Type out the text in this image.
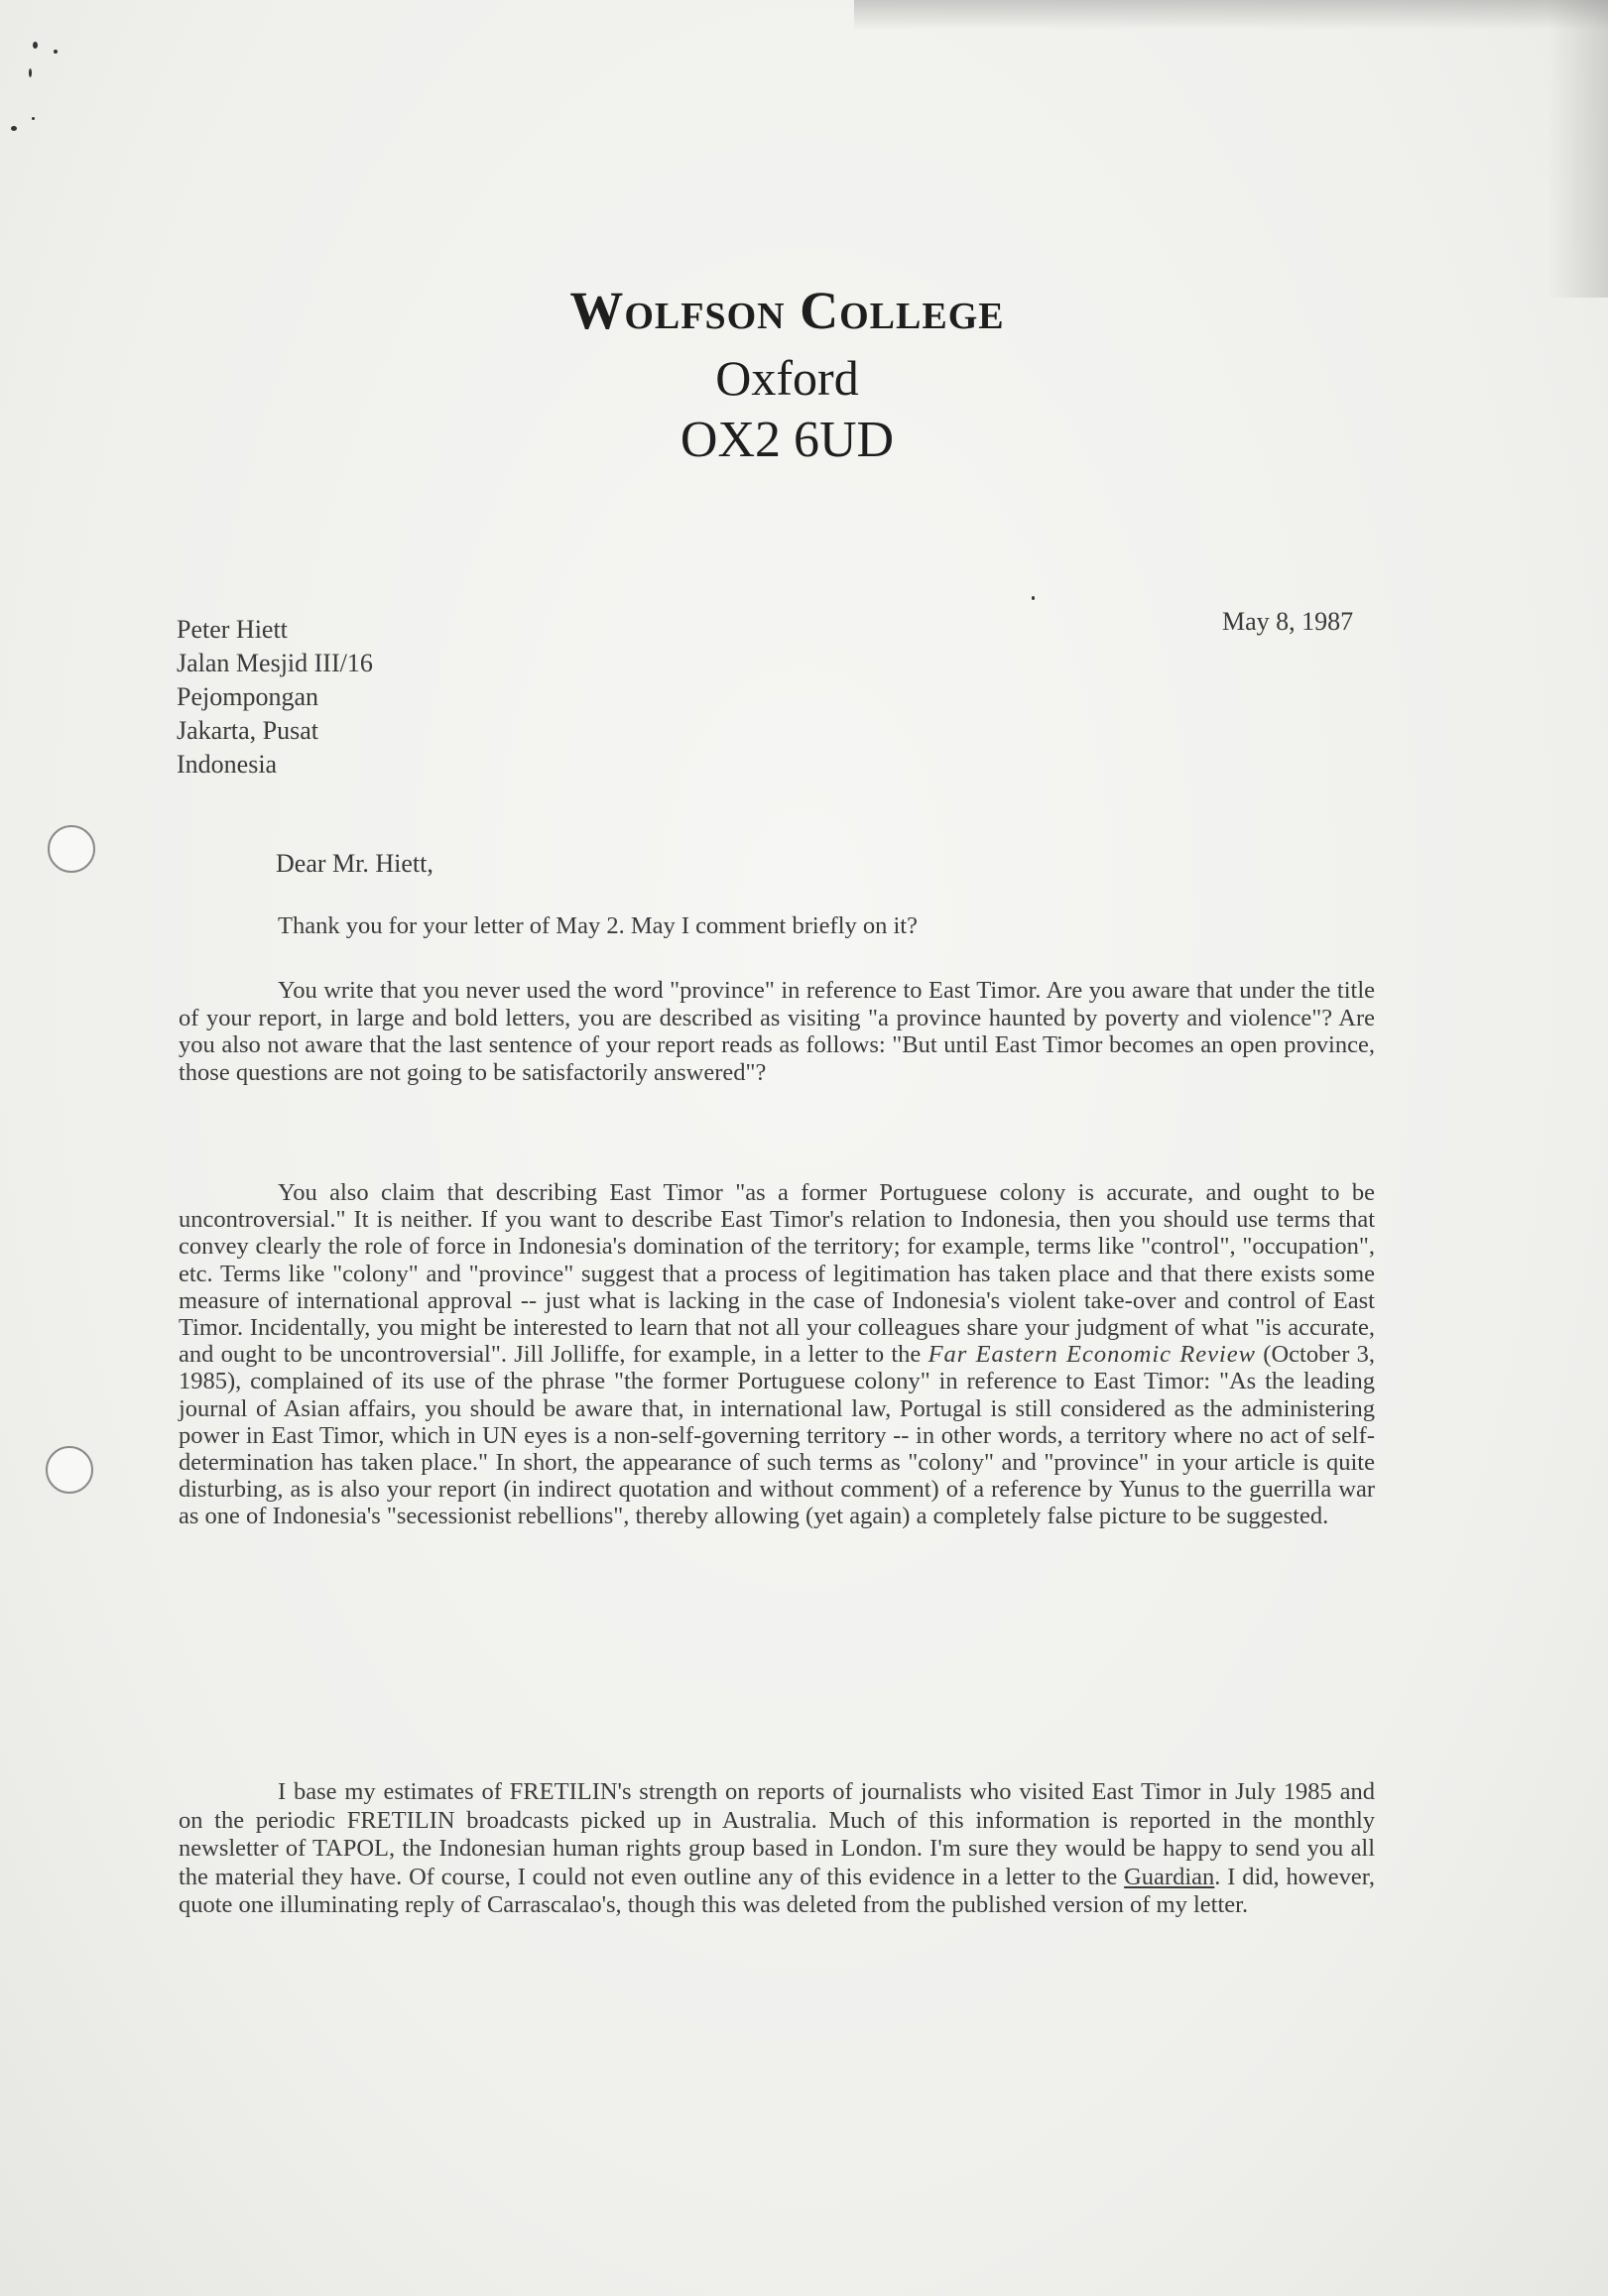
Wolfson College
Oxford
OX2 6UD
Peter Hiett
Jalan Mesjid III/16
Pejompongan
Jakarta, Pusat
Indonesia
May 8, 1987
Dear Mr. Hiett,
Thank you for your letter of May 2. May I comment briefly on it?
You write that you never used the word "province" in reference to East Timor. Are you aware that under the title of your report, in large and bold letters, you are described as visiting "a province haunted by poverty and violence"? Are you also not aware that the last sentence of your report reads as follows: "But until East Timor becomes an open province, those questions are not going to be satisfactorily answered"?
You also claim that describing East Timor "as a former Portuguese colony is accurate, and ought to be uncontroversial." It is neither. If you want to describe East Timor's relation to Indonesia, then you should use terms that convey clearly the role of force in Indonesia's domination of the territory; for example, terms like "control", "occupation", etc. Terms like "colony" and "province" suggest that a process of legitimation has taken place and that there exists some measure of international approval -- just what is lacking in the case of Indonesia's violent take-over and control of East Timor. Incidentally, you might be interested to learn that not all your colleagues share your judgment of what "is accurate, and ought to be uncontroversial". Jill Jolliffe, for example, in a letter to the Far Eastern Economic Review (October 3, 1985), complained of its use of the phrase "the former Portuguese colony" in reference to East Timor: "As the leading journal of Asian affairs, you should be aware that, in international law, Portugal is still considered as the administering power in East Timor, which in UN eyes is a non-self-governing territory -- in other words, a territory where no act of self-determination has taken place." In short, the appearance of such terms as "colony" and "province" in your article is quite disturbing, as is also your report (in indirect quotation and without comment) of a reference by Yunus to the guerrilla war as one of Indonesia's "secessionist rebellions", thereby allowing (yet again) a completely false picture to be suggested.
I base my estimates of FRETILIN's strength on reports of journalists who visited East Timor in July 1985 and on the periodic FRETILIN broadcasts picked up in Australia. Much of this information is reported in the monthly newsletter of TAPOL, the Indonesian human rights group based in London. I'm sure they would be happy to send you all the material they have. Of course, I could not even outline any of this evidence in a letter to the Guardian. I did, however, quote one illuminating reply of Carrascalao's, though this was deleted from the published version of my letter.
